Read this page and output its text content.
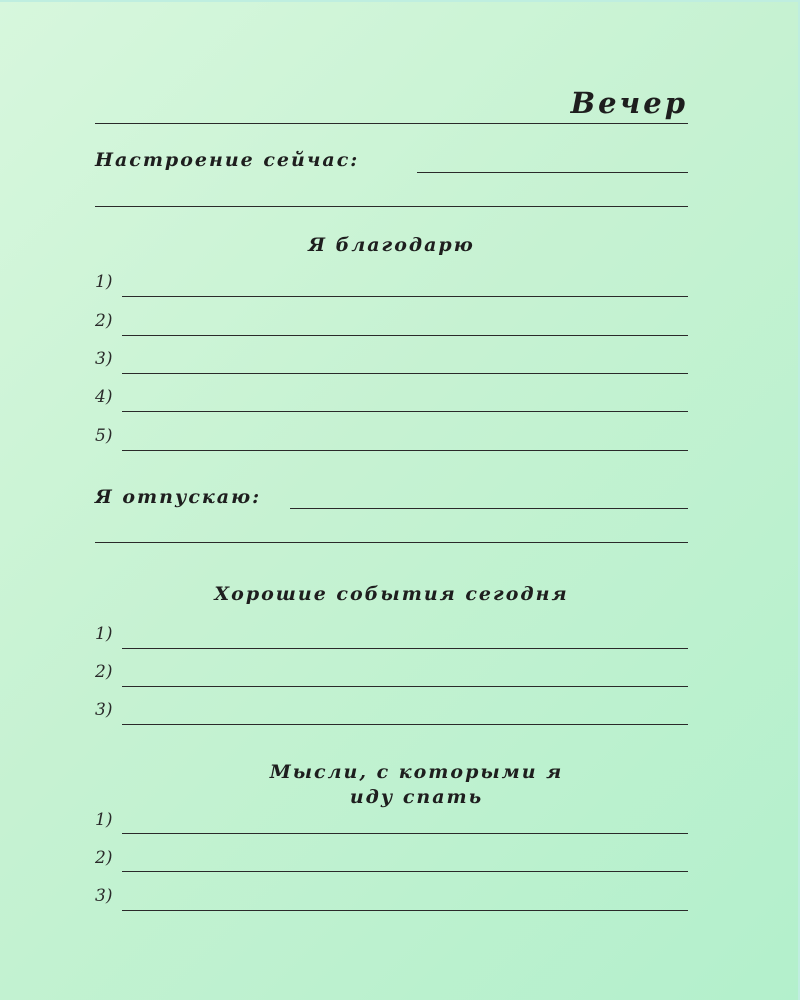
Вечер
Настроение сейчас:
Я благодарю
1)
2)
3)
4)
5)
Я отпускаю:
Хорошие события сегодня
1)
2)
3)
Мысли, с которыми я
иду спать
1)
2)
3)
